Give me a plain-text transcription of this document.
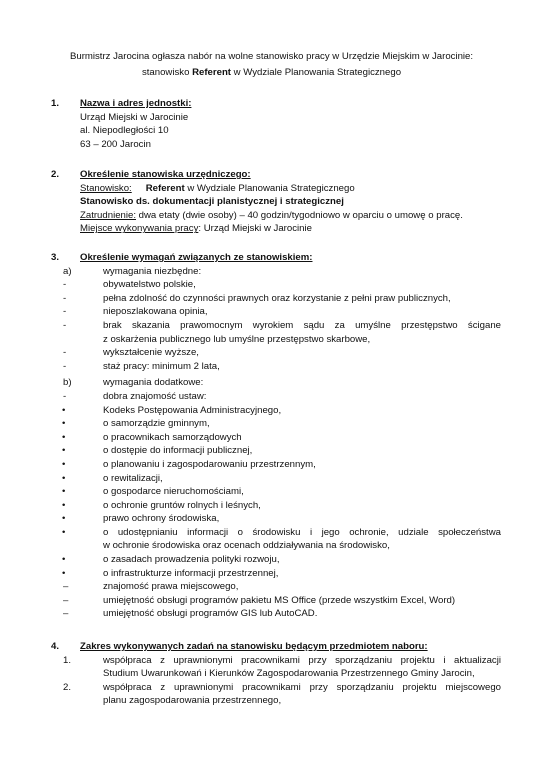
Burmistrz Jarocina ogłasza nabór na wolne stanowisko pracy w Urzędzie Miejskim w Jarocinie:
stanowisko Referent w Wydziale Planowania Strategicznego
1.	Nazwa i adres jednostki:
Urząd Miejski w Jarocinie
al. Niepodległości 10
63 – 200 Jarocin
2.	Określenie stanowiska urzędniczego:
Stanowisko: Referent w Wydziale Planowania Strategicznego
Stanowisko ds. dokumentacji planistycznej i strategicznej
Zatrudnienie: dwa etaty (dwie osoby) – 40 godzin/tygodniowo w oparciu o umowę o pracę.
Miejsce wykonywania pracy: Urząd Miejski w Jarocinie
3.	Określenie wymagań związanych ze stanowiskiem:
a)	wymagania niezbędne:
-	obywatelstwo polskie,
-	pełna zdolność do czynności prawnych oraz korzystanie z pełni praw publicznych,
-	nieposzlakowana opinia,
-	brak skazania prawomocnym wyrokiem sądu za umyślne przestępstwo ścigane
z oskarżenia publicznego lub umyślne przestępstwo skarbowe,
-	wykształcenie wyższe,
-	staż pracy: minimum 2 lata,
b)	wymagania dodatkowe:
-	dobra znajomość ustaw:
•	Kodeks Postępowania Administracyjnego,
•	o samorządzie gminnym,
•	o pracownikach samorządowych
•	o dostępie do informacji publicznej,
•	o planowaniu i zagospodarowaniu przestrzennym,
•	o rewitalizacji,
•	o gospodarce nieruchomościami,
•	o ochronie gruntów rolnych i leśnych,
•	prawo ochrony środowiska,
•	o udostępnianiu informacji o środowisku i jego ochronie, udziale społeczeństwa
w ochronie środowiska oraz ocenach oddziaływania na środowisko,
•	o zasadach prowadzenia polityki rozwoju,
•	o infrastrukturze informacji przestrzennej,
–	znajomość prawa miejscowego,
–	umiejętność obsługi programów pakietu MS Office (przede wszystkim Excel, Word)
–	umiejętność obsługi programów GIS lub AutoCAD.
4.	Zakres wykonywanych zadań na stanowisku będącym przedmiotem naboru:
1.	współpraca z uprawnionymi pracownikami przy sporządzaniu projektu i aktualizacji
Studium Uwarunkowań i Kierunków Zagospodarowania Przestrzennego Gminy Jarocin,
2.	współpraca z uprawnionymi pracownikami przy sporządzaniu projektu miejscowego
planu zagospodarowania przestrzennego,
